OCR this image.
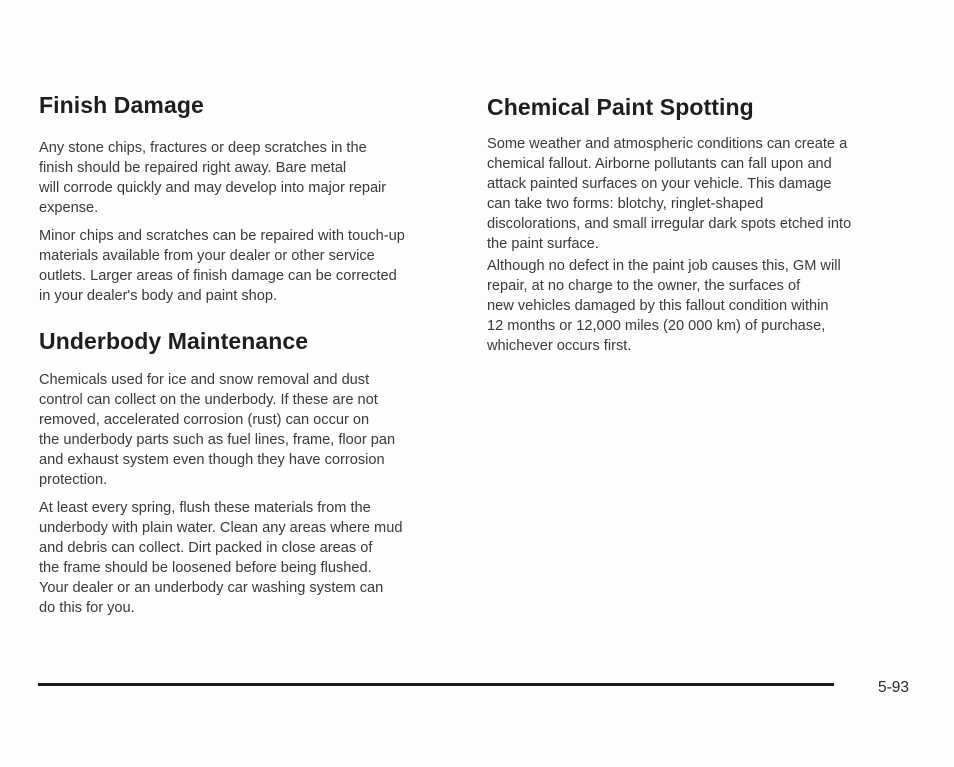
Finish Damage

Any stone chips, fractures or deep scratches in the
finish should be repaired right away. Bare metal
will corrode quickly and may develop into major repair
expense.

Minor chips and scratches can be repaired with touch-up
materials available from your dealer or other service
outlets. Larger areas of finish damage can be corrected
in your dealer's body and paint shop.

Underbody Maintenance

Chemicals used for ice and snow removal and dust
control can collect on the underbody. If these are not
removed, accelerated corrosion (rust) can occur on
the underbody parts such as fuel lines, frame, floor pan
and exhaust system even though they have corrosion
protection.

At least every spring, flush these materials from the
underbody with plain water. Clean any areas where mud
and debris can collect. Dirt packed in close areas of
the frame should be loosened before being flushed.
Your dealer or an underbody car washing system can
do this for you.

Chemical Paint Spotting

Some weather and atmospheric conditions can create a
chemical fallout. Airborne pollutants can fall upon and
attack painted surfaces on your vehicle. This damage
can take two forms: blotchy, ringlet-shaped
discolorations, and small irregular dark spots etched into
the paint surface.

Although no defect in the paint job causes this, GM will
repair, at no charge to the owner, the surfaces of
new vehicles damaged by this fallout condition within
12 months or 12,000 miles (20 000 km) of purchase,
whichever occurs first.

5-93
